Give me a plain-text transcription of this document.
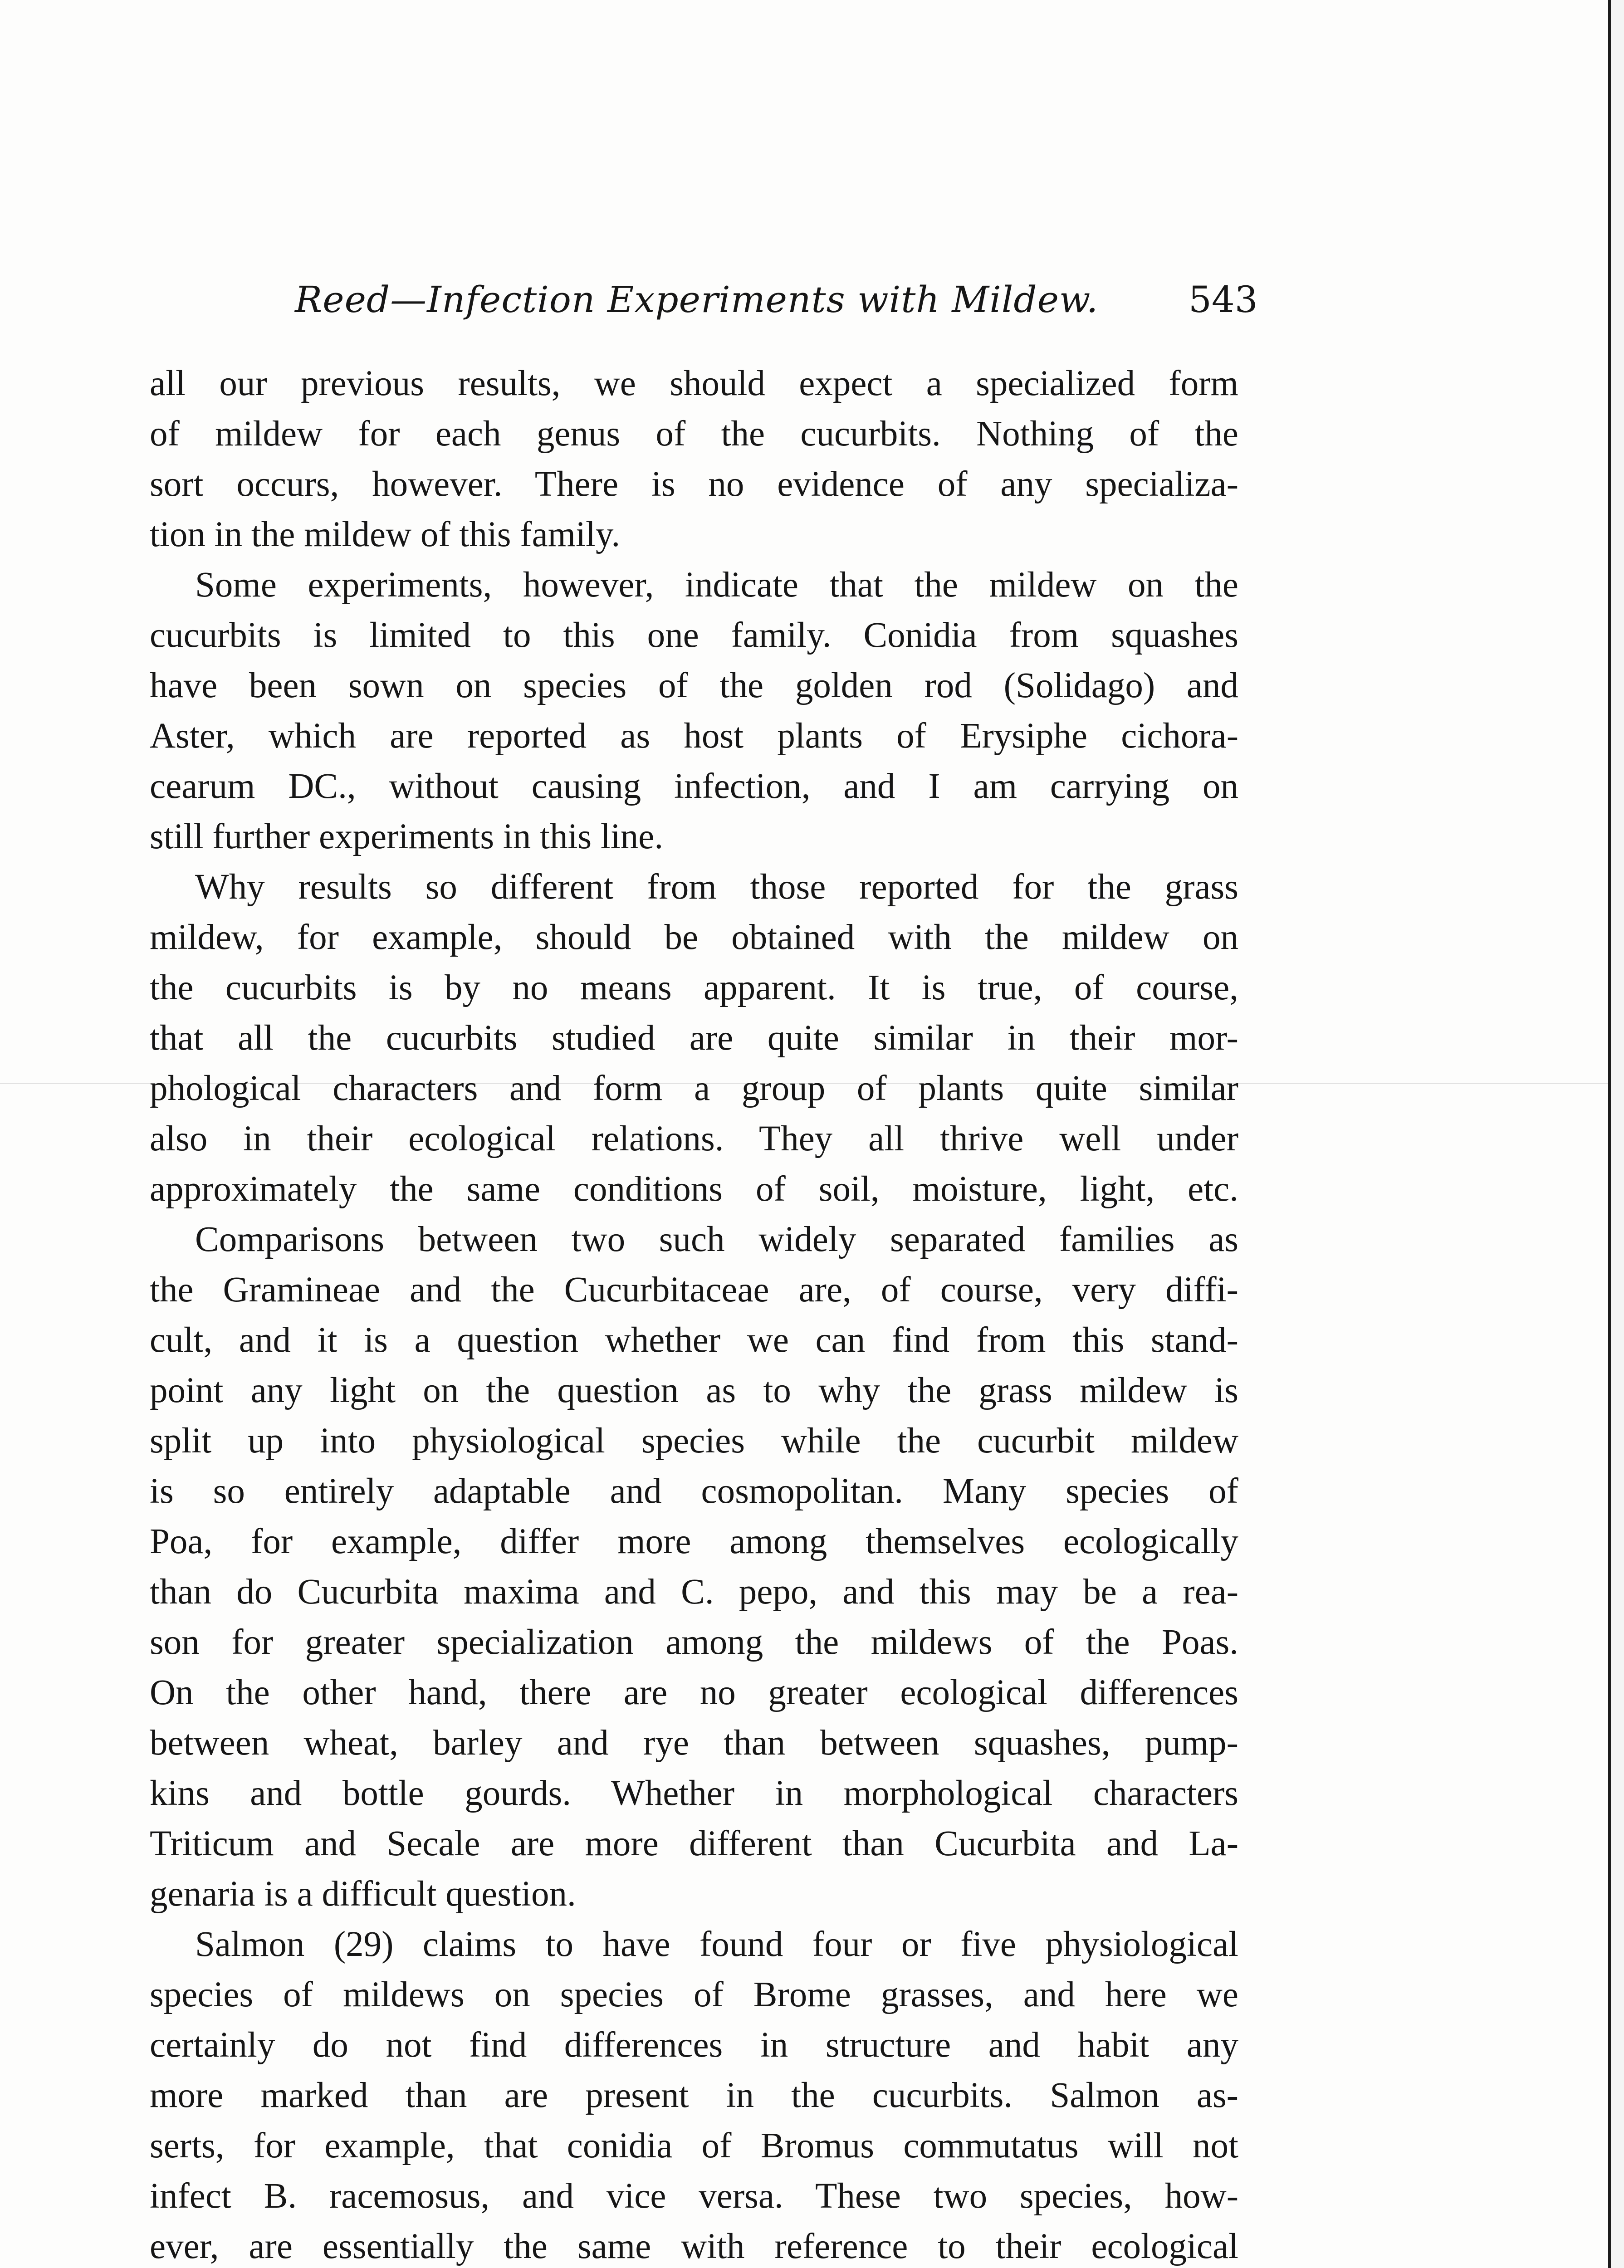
Reed—Infection Experiments with Mildew.	543
all our previous results, we should expect a specialized form
of mildew for each genus of the cucurbits. Nothing of the
sort occurs, however. There is no evidence of any specializa-
tion in the mildew of this family.
Some experiments, however, indicate that the mildew on the
cucurbits is limited to this one family. Conidia from squashes
have been sown on species of the golden rod (Solidago) and
Aster, which are reported as host plants of Erysiphe cichora-
cearum DC., without causing infection, and I am carrying on
still further experiments in this line.
Why results so different from those reported for the grass
mildew, for example, should be obtained with the mildew on
the cucurbits is by no means apparent. It is true, of course,
that all the cucurbits studied are quite similar in their mor-
phological characters and form a group of plants quite similar
also in their ecological relations. They all thrive well under
approximately the same conditions of soil, moisture, light, etc.
Comparisons between two such widely separated families as
the Gramineae and the Cucurbitaceae are, of course, very diffi-
cult, and it is a question whether we can find from this stand-
point any light on the question as to why the grass mildew is
split up into physiological species while the cucurbit mildew
is so entirely adaptable and cosmopolitan. Many species of
Poa, for example, differ more among themselves ecologically
than do Cucurbita maxima and C. pepo, and this may be a rea-
son for greater specialization among the mildews of the Poas.
On the other hand, there are no greater ecological differences
between wheat, barley and rye than between squashes, pump-
kins and bottle gourds. Whether in morphological characters
Triticum and Secale are more different than Cucurbita and La-
genaria is a difficult question.
Salmon (29) claims to have found four or five physiological
species of mildews on species of Brome grasses, and here we
certainly do not find differences in structure and habit any
more marked than are present in the cucurbits. Salmon as-
serts, for example, that conidia of Bromus commutatus will not
infect B. racemosus, and vice versa. These two species, how-
ever, are essentially the same with reference to their ecological
